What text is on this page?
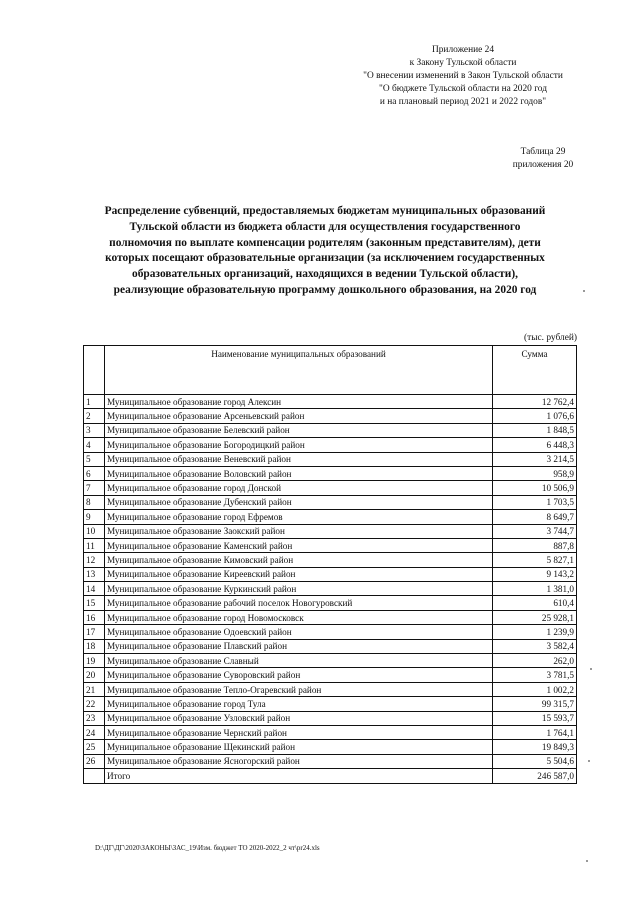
Приложение 24
к Закону Тульской области
"О внесении изменений в Закон Тульской области
"О бюджете Тульской области на 2020 год
и на плановый период 2021 и 2022 годов"
Таблица 29
приложения 20
Распределение субвенций, предоставляемых бюджетам муниципальных образований
Тульской области из бюджета области для осуществления государственного
полномочия по выплате компенсации родителям (законным представителям), дети
которых посещают образовательные организации (за исключением государственных
образовательных организаций, находящихся в ведении Тульской области),
реализующие образовательную программу дошкольного образования, на 2020 год
(тыс. рублей)
	Наименование муниципальных образований	Сумма
1	Муниципальное образование город Алексин	12 762,4
2	Муниципальное образование Арсеньевский район	1 076,6
3	Муниципальное образование Белевский район	1 848,5
4	Муниципальное образование Богородицкий район	6 448,3
5	Муниципальное образование Веневский район	3 214,5
6	Муниципальное образование Воловский район	958,9
7	Муниципальное образование город Донской	10 506,9
8	Муниципальное образование Дубенский район	1 703,5
9	Муниципальное образование город Ефремов	8 649,7
10	Муниципальное образование Заокский район	3 744,7
11	Муниципальное образование Каменский район	887,8
12	Муниципальное образование Кимовский район	5 827,1
13	Муниципальное образование Киреевский район	9 143,2
14	Муниципальное образование Куркинский район	1 381,0
15	Муниципальное образование рабочий поселок Новогуровский	610,4
16	Муниципальное образование город Новомосковск	25 928,1
17	Муниципальное образование Одоевский район	1 239,9
18	Муниципальное образование Плавский район	3 582,4
19	Муниципальное образование Славный	262,0
20	Муниципальное образование Суворовский район	3 781,5
21	Муниципальное образование Тепло-Огаревский район	1 002,2
22	Муниципальное образование город Тула	99 315,7
23	Муниципальное образование Узловский район	15 593,7
24	Муниципальное образование Чернский район	1 764,1
25	Муниципальное образование Щекинский район	19 849,3
26	Муниципальное образование Ясногорский район	5 504,6
	Итого	246 587,0
D:\ДГ\ДГ\2020\ЗАКОНЫ\ЗАС_19\Изм. бюджет ТО 2020-2022_2 чт\pr24.xls
